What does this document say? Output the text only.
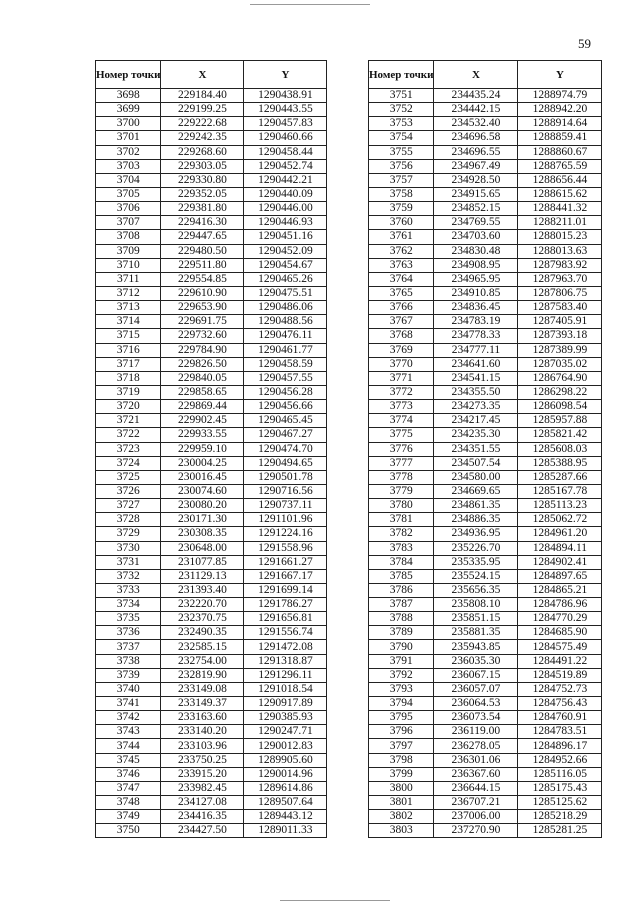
59
Номер точки	X	Y
3698	229184.40	1290438.91
3699	229199.25	1290443.55
3700	229222.68	1290457.83
3701	229242.35	1290460.66
3702	229268.60	1290458.44
3703	229303.05	1290452.74
3704	229330.80	1290442.21
3705	229352.05	1290440.09
3706	229381.80	1290446.00
3707	229416.30	1290446.93
3708	229447.65	1290451.16
3709	229480.50	1290452.09
3710	229511.80	1290454.67
3711	229554.85	1290465.26
3712	229610.90	1290475.51
3713	229653.90	1290486.06
3714	229691.75	1290488.56
3715	229732.60	1290476.11
3716	229784.90	1290461.77
3717	229826.50	1290458.59
3718	229840.05	1290457.55
3719	229858.65	1290456.28
3720	229869.44	1290456.66
3721	229902.45	1290465.45
3722	229933.55	1290467.27
3723	229959.10	1290474.70
3724	230004.25	1290494.65
3725	230016.45	1290501.78
3726	230074.60	1290716.56
3727	230080.20	1290737.11
3728	230171.30	1291101.96
3729	230308.35	1291224.16
3730	230648.00	1291558.96
3731	231077.85	1291661.27
3732	231129.13	1291667.17
3733	231393.40	1291699.14
3734	232220.70	1291786.27
3735	232370.75	1291656.81
3736	232490.35	1291556.74
3737	232585.15	1291472.08
3738	232754.00	1291318.87
3739	232819.90	1291296.11
3740	233149.08	1291018.54
3741	233149.37	1290917.89
3742	233163.60	1290385.93
3743	233140.20	1290247.71
3744	233103.96	1290012.83
3745	233750.25	1289905.60
3746	233915.20	1290014.96
3747	233982.45	1289614.86
3748	234127.08	1289507.64
3749	234416.35	1289443.12
3750	234427.50	1289011.33
Номер точки	X	Y
3751	234435.24	1288974.79
3752	234442.15	1288942.20
3753	234532.40	1288914.64
3754	234696.58	1288859.41
3755	234696.55	1288860.67
3756	234967.49	1288765.59
3757	234928.50	1288656.44
3758	234915.65	1288615.62
3759	234852.15	1288441.32
3760	234769.55	1288211.01
3761	234703.60	1288015.23
3762	234830.48	1288013.63
3763	234908.95	1287983.92
3764	234965.95	1287963.70
3765	234910.85	1287806.75
3766	234836.45	1287583.40
3767	234783.19	1287405.91
3768	234778.33	1287393.18
3769	234777.11	1287389.99
3770	234641.60	1287035.02
3771	234541.15	1286764.90
3772	234355.50	1286298.22
3773	234273.35	1286098.54
3774	234217.45	1285957.88
3775	234235.30	1285821.42
3776	234351.55	1285608.03
3777	234507.54	1285388.95
3778	234580.00	1285287.66
3779	234669.65	1285167.78
3780	234861.35	1285113.23
3781	234886.35	1285062.72
3782	234936.95	1284961.20
3783	235226.70	1284894.11
3784	235335.95	1284902.41
3785	235524.15	1284897.65
3786	235656.35	1284865.21
3787	235808.10	1284786.96
3788	235851.15	1284770.29
3789	235881.35	1284685.90
3790	235943.85	1284575.49
3791	236035.30	1284491.22
3792	236067.15	1284519.89
3793	236057.07	1284752.73
3794	236064.53	1284756.43
3795	236073.54	1284760.91
3796	236119.00	1284783.51
3797	236278.05	1284896.17
3798	236301.06	1284952.66
3799	236367.60	1285116.05
3800	236644.15	1285175.43
3801	236707.21	1285125.62
3802	237006.00	1285218.29
3803	237270.90	1285281.25
